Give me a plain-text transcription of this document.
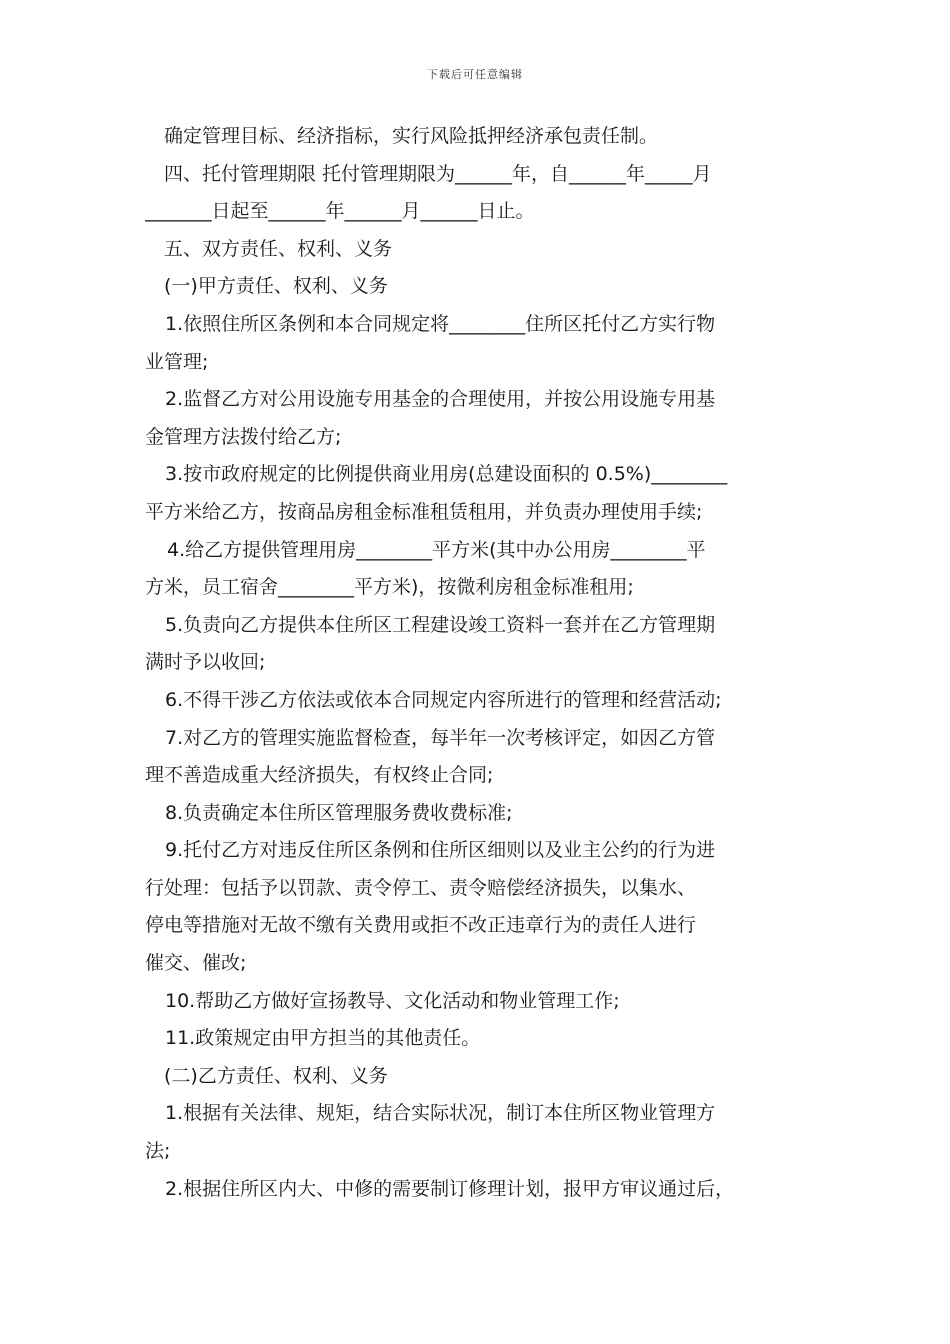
下载后可任意编辑
确定管理目标、经济指标，实行风险抵押经济承包责任制。
四、托付管理期限 托付管理期限为______年，自______年_____月
_______日起至______年______月______日止。
五、双方责任、权利、义务
(一)甲方责任、权利、义务
1.依照住所区条例和本合同规定将________住所区托付乙方实行物
业管理;
2.监督乙方对公用设施专用基金的合理使用，并按公用设施专用基
金管理方法拨付给乙方;
3.按市政府规定的比例提供商业用房(总建设面积的 0.5%)________
平方米给乙方，按商品房租金标准租赁租用，并负责办理使用手续;
4.给乙方提供管理用房________平方米(其中办公用房________平
方米，员工宿舍________平方米)，按微利房租金标准租用;
5.负责向乙方提供本住所区工程建设竣工资料一套并在乙方管理期
满时予以收回;
6.不得干涉乙方依法或依本合同规定内容所进行的管理和经营活动;
7.对乙方的管理实施监督检查，每半年一次考核评定，如因乙方管
理不善造成重大经济损失，有权终止合同;
8.负责确定本住所区管理服务费收费标准;
9.托付乙方对违反住所区条例和住所区细则以及业主公约的行为进
行处理：包括予以罚款、责令停工、责令赔偿经济损失，以集水、
停电等措施对无故不缴有关费用或拒不改正违章行为的责任人进行
催交、催改;
10.帮助乙方做好宣扬教导、文化活动和物业管理工作;
11.政策规定由甲方担当的其他责任。
(二)乙方责任、权利、义务
1.根据有关法律、规矩，结合实际状况，制订本住所区物业管理方
法;
2.根据住所区内大、中修的需要制订修理计划，报甲方审议通过后，
